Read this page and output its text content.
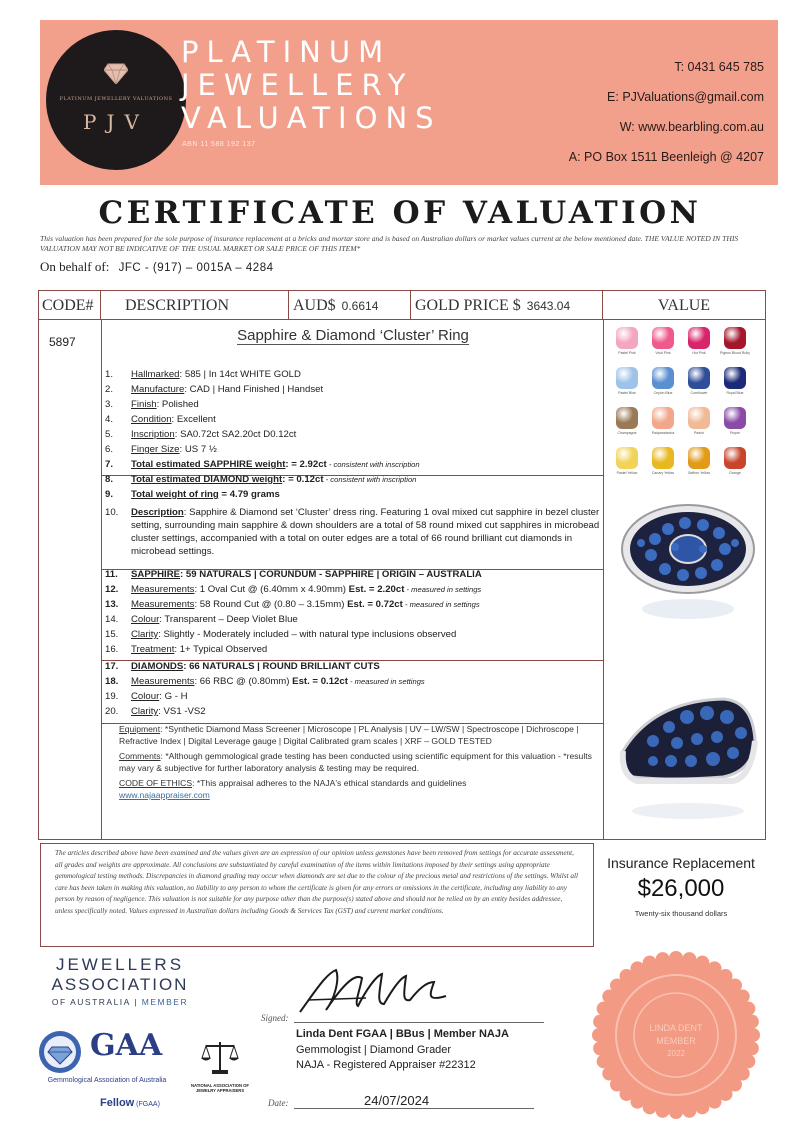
PLATINUM JEWELLERY VALUATIONS
PJV
PLATINUM
JEWELLERY
VALUATIONS
ABN 11 588 192 137
T: 0431 645 785
E: PJValuations@gmail.com
W: www.bearbling.com.au
A: PO Box 1511 Beenleigh @ 4207
CERTIFICATE OF VALUATION
This valuation has been prepared for the sole purpose of insurance replacement at a bricks and mortar store and is based on Australian dollars or market values current at the below mentioned date. THE VALUE NOTED IN THIS VALUATION MAY NOT BE INDICATIVE OF THE USUAL MARKET OR SALE PRICE OF THIS ITEM*
On behalf of: JFC - (917) – 0015A – 4284
CODE#	DESCRIPTION	AUD$ 0.6614	GOLD PRICE $ 3643.04	VALUE
5897	Sapphire & Diamond ‘Cluster’ Ring
1. Hallmarked: 585 | In 14ct WHITE GOLD
2. Manufacture: CAD | Hand Finished | Handset
3. Finish: Polished
4. Condition: Excellent
5. Inscription: SA0.72ct SA2.20ct D0.12ct
6. Finger Size: US 7 ½
7. Total estimated SAPPHIRE weight: = 2.92ct - consistent with inscription
8. Total estimated DIAMOND weight: = 0.12ct - consistent with inscription
9. Total weight of ring = 4.79 grams
10. Description: Sapphire & Diamond set ‘Cluster’ dress ring. Featuring 1 oval mixed cut sapphire in bezel cluster setting, surrounding main sapphire & down shoulders are a total of 58 round mixed cut sapphires in microbead cluster settings, accompanied with a total on outer edges are a total of 66 round brilliant cut diamonds in microbead settings.
11. SAPPHIRE: 59 NATURALS | CORUNDUM - SAPPHIRE | ORIGIN – AUSTRALIA
12. Measurements: 1 Oval Cut @ (6.40mm x 4.90mm) Est. = 2.20ct - measured in settings
13. Measurements: 58 Round Cut @ (0.80 – 3.15mm) Est. = 0.72ct - measured in settings
14. Colour: Transparent – Deep Violet Blue
15. Clarity: Slightly - Moderately included – with natural type inclusions observed
16. Treatment: 1+ Typical Observed
17. DIAMONDS: 66 NATURALS | ROUND BRILLIANT CUTS
18. Measurements: 66 RBC @ (0.80mm) Est. = 0.12ct - measured in settings
19. Colour: G - H
20. Clarity: VS1 -VS2
Equipment: *Synthetic Diamond Mass Screener | Microscope | PL Analysis | UV – LW/SW | Spectroscope | Dichroscope | Refractive Index | Digital Leverage gauge | Digital Calibrated gram scales | XRF – GOLD TESTED
Comments: *Although gemmological grade testing has been conducted using scientific equipment for this valuation - *results may vary & subjective for further laboratory analysis & testing may be required.
CODE OF ETHICS: *This appraisal adheres to the NAJA's ethical standards and guidelines
www.najaappraiser.com
Pastel Pink	Vivid Pink	Hot Pink	Pigeon Blood Ruby
Pastel Blue	Ceylon Blue	Cornflower	Royal Blue
Champagne	Padparadscha	Peach	Purple
Pastel Yellow	Canary Yellow	Saffron Yellow	Orange
The articles described above have been examined and the values given are an expression of our opinion unless gemstones have been removed from settings for accurate assessment, all grades and weights are approximate. All conclusions are substantiated by careful examination of the items within limitations imposed by their settings using appropriate gemmological testing methods. Discrepancies in diamond grading may occur when diamonds are set due to the colour of the precious metal and restrictions of the settings. Whilst all care has been taken in making this valuation, no liability to any person to whom the certificate is given for any errors or omissions in the certificate, including any liability to any person by reason of negligence. This valuation is not suitable for any purpose other than the purpose(s) stated above and should not be relied on by an entity besides addressee, unless specifically noted. Values expressed in Australian dollars including Goods & Services Tax (GST) and current market conditions.
Insurance Replacement
$26,000
Twenty-six thousand dollars
JEWELLERS
ASSOCIATION
OF AUSTRALIA | MEMBER
GAA
Gemmological Association of Australia
Fellow (FGAA)
NATIONAL ASSOCIATION OF
JEWELRY APPRAISERS
Signed:
Linda Dent FGAA | BBus | Member NAJA
Gemmologist | Diamond Grader
NAJA - Registered Appraiser #22312
Date:	24/07/2024
LINDA DENT
MEMBER
2022
